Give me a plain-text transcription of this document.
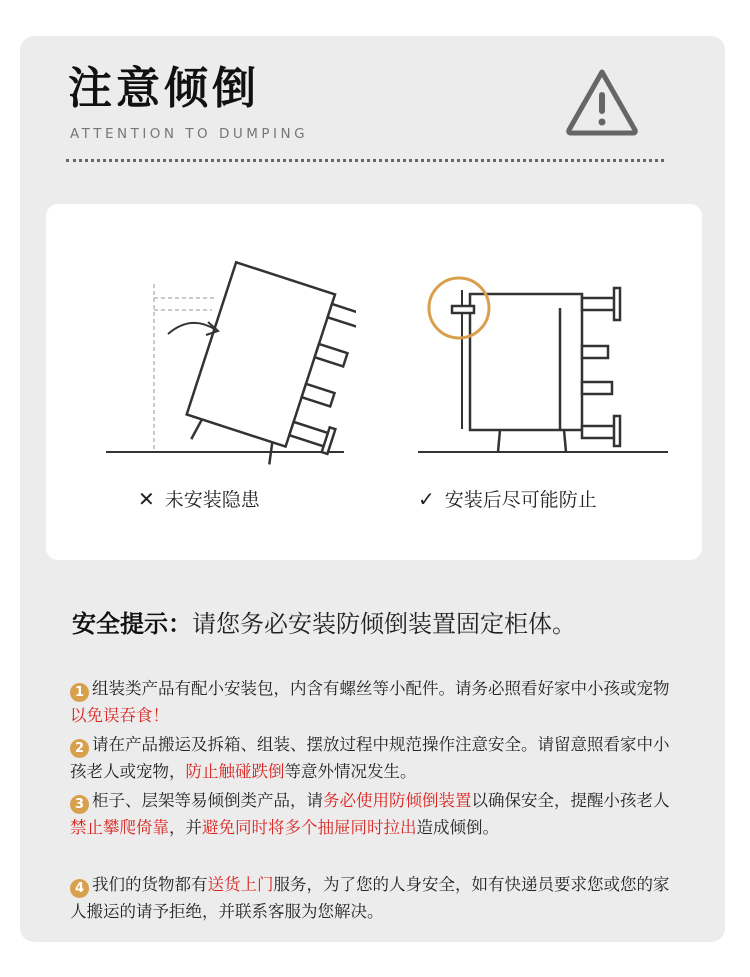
注意倾倒
ATTENTION TO DUMPING
✕ 未安装隐患	✓ 安装后尽可能防止
安全提示：请您务必安装防倾倒装置固定柜体。
1 组装类产品有配小安装包，内含有螺丝等小配件。请务必照看好家中小孩或宠物以免误吞食！
2 请在产品搬运及拆箱、组装、摆放过程中规范操作注意安全。请留意照看家中小孩老人或宠物，防止触碰跌倒等意外情况发生。
3 柜子、层架等易倾倒类产品，请务必使用防倾倒装置以确保安全，提醒小孩老人禁止攀爬倚靠，并避免同时将多个抽屉同时拉出造成倾倒。
4 我们的货物都有送货上门服务，为了您的人身安全，如有快递员要求您或您的家人搬运的请予拒绝，并联系客服为您解决。
